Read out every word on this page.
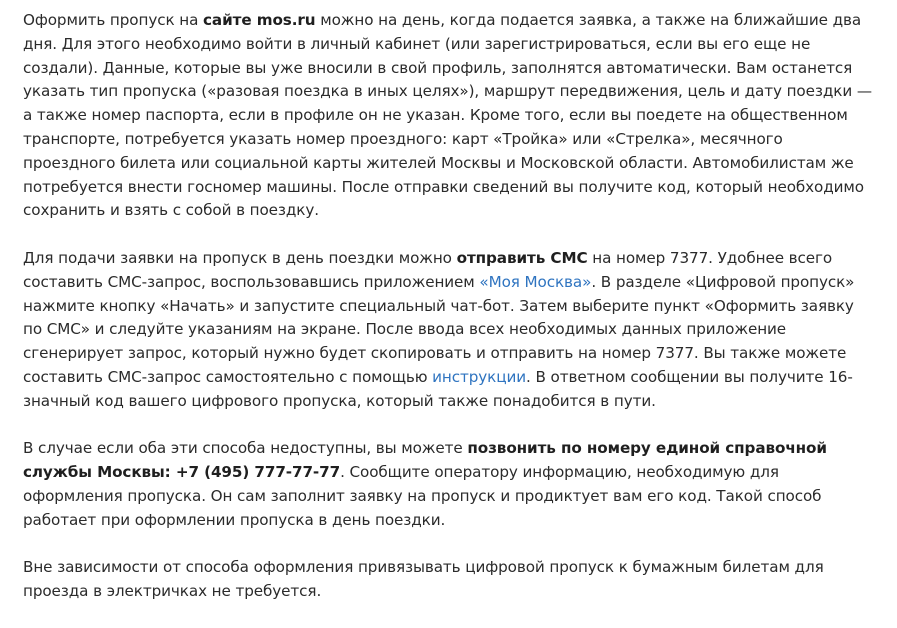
Оформить пропуск на сайте mos.ru можно на день, когда подается заявка, а также на ближайшие два дня. Для этого необходимо войти в личный кабинет (или зарегистрироваться, если вы его еще не создали). Данные, которые вы уже вносили в свой профиль, заполнятся автоматически. Вам останется указать тип пропуска («разовая поездка в иных целях»), маршрут передвижения, цель и дату поездки — а также номер паспорта, если в профиле он не указан. Кроме того, если вы поедете на общественном транспорте, потребуется указать номер проездного: карт «Тройка» или «Стрелка», месячного проездного билета или социальной карты жителей Москвы и Московской области. Автомобилистам же потребуется внести госномер машины. После отправки сведений вы получите код, который необходимо сохранить и взять с собой в поездку.

Для подачи заявки на пропуск в день поездки можно отправить СМС на номер 7377. Удобнее всего составить СМС-запрос, воспользовавшись приложением «Моя Москва». В разделе «Цифровой пропуск» нажмите кнопку «Начать» и запустите специальный чат-бот. Затем выберите пункт «Оформить заявку по СМС» и следуйте указаниям на экране. После ввода всех необходимых данных приложение сгенерирует запрос, который нужно будет скопировать и отправить на номер 7377. Вы также можете составить СМС-запрос самостоятельно с помощью инструкции. В ответном сообщении вы получите 16-значный код вашего цифрового пропуска, который также понадобится в пути.

В случае если оба эти способа недоступны, вы можете позвонить по номеру единой справочной службы Москвы: +7 (495) 777-77-77. Сообщите оператору информацию, необходимую для оформления пропуска. Он сам заполнит заявку на пропуск и продиктует вам его код. Такой способ работает при оформлении пропуска в день поездки.

Вне зависимости от способа оформления привязывать цифровой пропуск к бумажным билетам для проезда в электричках не требуется.
